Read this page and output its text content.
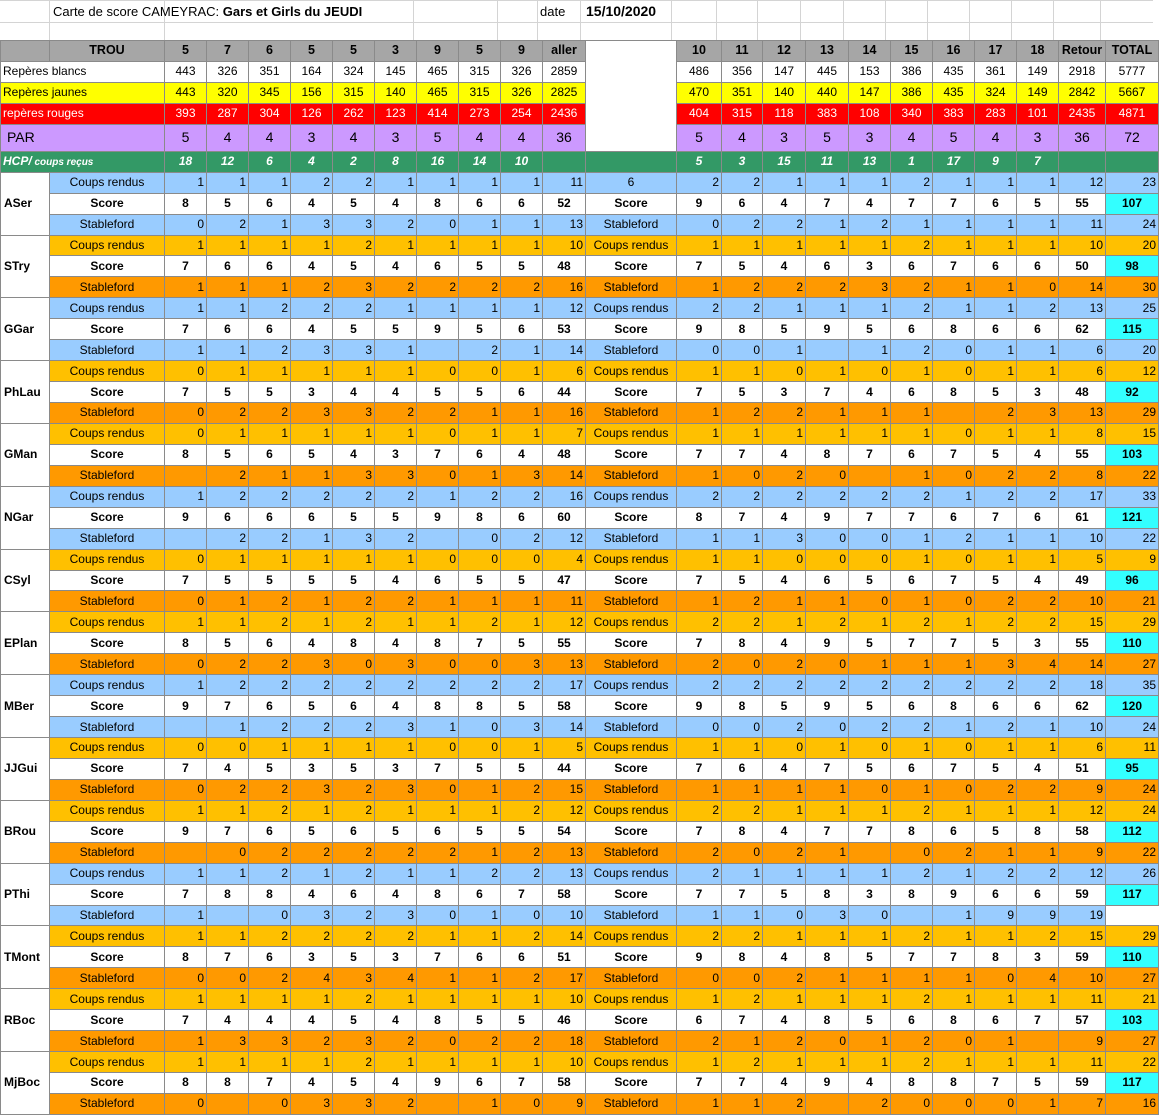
Carte de score CAMEYRAC: Gars et Girls du JEUDI	date 15/10/2020
	TROU	5	7	6	5	5	3	9	5	9	aller		10	11	12	13	14	15	16	17	18	Retour	TOTAL
Repères blancs		443	326	351	164	324	145	465	315	326	2859		486	356	147	445	153	386	435	361	149	2918	5777
Repères jaunes		443	320	345	156	315	140	465	315	326	2825		470	351	140	440	147	386	435	324	149	2842	5667
repères rouges		393	287	304	126	262	123	414	273	254	2436		404	315	118	383	108	340	383	283	101	2435	4871
PAR		5	4	4	3	4	3	5	4	4	36		5	4	3	5	3	4	5	4	3	36	72
HCP/ coups reçus		18	12	6	4	2	8	16	14	10			5	3	15	11	13	1	17	9	7		
ASer	Coups rendus	1	1	1	2	2	1	1	1	1	11	6	2	2	1	1	1	2	1	1	1	12	23
	Score	8	5	6	4	5	4	8	6	6	52	Score	9	6	4	7	4	7	7	6	5	55	107
	Stableford	0	2	1	3	3	2	0	1	1	13	Stableford	0	2	2	1	2	1	1	1	1	11	24
STry	Coups rendus	1	1	1	1	2	1	1	1	1	10	Coups rendus	1	1	1	1	1	2	1	1	1	10	20
	Score	7	6	6	4	5	4	6	5	5	48	Score	7	5	4	6	3	6	7	6	6	50	98
	Stableford	1	1	1	2	3	2	2	2	2	16	Stableford	1	2	2	2	3	2	1	1	0	14	30
GGar	Coups rendus	1	1	2	2	2	1	1	1	1	12	Coups rendus	2	2	1	1	1	2	1	1	2	13	25
	Score	7	6	6	4	5	5	9	5	6	53	Score	9	8	5	9	5	6	8	6	6	62	115
	Stableford	1	1	2	3	3	1		2	1	14	Stableford	0	0	1		1	2	0	1	1	6	20
PhLau	Coups rendus	0	1	1	1	1	1	0	0	1	6	Coups rendus	1	1	0	1	0	1	0	1	1	6	12
	Score	7	5	5	3	4	4	5	5	6	44	Score	7	5	3	7	4	6	8	5	3	48	92
	Stableford	0	2	2	3	3	2	2	1	1	16	Stableford	1	2	2	1	1	1		2	3	13	29
GMan	Coups rendus	0	1	1	1	1	1	0	1	1	7	Coups rendus	1	1	1	1	1	1	0	1	1	8	15
	Score	8	5	6	5	4	3	7	6	4	48	Score	7	7	4	8	7	6	7	5	4	55	103
	Stableford		2	1	1	3	3	0	1	3	14	Stableford	1	0	2	0		1	0	2	2	8	22
NGar	Coups rendus	1	2	2	2	2	2	1	2	2	16	Coups rendus	2	2	2	2	2	2	1	2	2	17	33
	Score	9	6	6	6	5	5	9	8	6	60	Score	8	7	4	9	7	7	6	7	6	61	121
	Stableford		2	2	1	3	2		0	2	12	Stableford	1	1	3	0	0	1	2	1	1	10	22
CSyl	Coups rendus	0	1	1	1	1	1	0	0	0	4	Coups rendus	1	1	0	0	0	1	0	1	1	5	9
	Score	7	5	5	5	5	4	6	5	5	47	Score	7	5	4	6	5	6	7	5	4	49	96
	Stableford	0	1	2	1	2	2	1	1	1	11	Stableford	1	2	1	1	0	1	0	2	2	10	21
EPlan	Coups rendus	1	1	2	1	2	1	1	2	1	12	Coups rendus	2	2	1	2	1	2	1	2	2	15	29
	Score	8	5	6	4	8	4	8	7	5	55	Score	7	8	4	9	5	7	7	5	3	55	110
	Stableford	0	2	2	3	0	3	0	0	3	13	Stableford	2	0	2	0	1	1	1	3	4	14	27
MBer	Coups rendus	1	2	2	2	2	2	2	2	2	17	Coups rendus	2	2	2	2	2	2	2	2	2	18	35
	Score	9	7	6	5	6	4	8	8	5	58	Score	9	8	5	9	5	6	8	6	6	62	120
	Stableford		1	2	2	2	3	1	0	3	14	Stableford	0	0	2	0	2	2	1	2	1	10	24
JJGui	Coups rendus	0	0	1	1	1	1	0	0	1	5	Coups rendus	1	1	0	1	0	1	0	1	1	6	11
	Score	7	4	5	3	5	3	7	5	5	44	Score	7	6	4	7	5	6	7	5	4	51	95
	Stableford	0	2	2	3	2	3	0	1	2	15	Stableford	1	1	1	1	0	1	0	2	2	9	24
BRou	Coups rendus	1	1	2	1	2	1	1	1	2	12	Coups rendus	2	2	1	1	1	2	1	1	1	12	24
	Score	9	7	6	5	6	5	6	5	5	54	Score	7	8	4	7	7	8	6	5	8	58	112
	Stableford		0	2	2	2	2	2	1	2	13	Stableford	2	0	2	1		0	2	1	1	9	22
PThi	Coups rendus	1	1	2	1	2	1	1	2	2	13	Coups rendus	2	1	1	1	1	2	1	2	2	12	26
	Score	7	8	8	4	6	4	8	6	7	58	Score	7	7	5	8	3	8	9	6	6	59	117
	Stableford	1		0	3	2	3	0	1	0	10	Stableford	1	1	0	3	0		1	9	9	19	
TMont	Coups rendus	1	1	2	2	2	2	1	1	2	14	Coups rendus	2	2	1	1	1	2	1	1	2	15	29
	Score	8	7	6	3	5	3	7	6	6	51	Score	9	8	4	8	5	7	7	8	3	59	110
	Stableford	0	0	2	4	3	4	1	1	2	17	Stableford	0	0	2	1	1	1	1	0	4	10	27
RBoc	Coups rendus	1	1	1	1	2	1	1	1	1	10	Coups rendus	1	2	1	1	1	2	1	1	1	11	21
	Score	7	4	4	4	5	4	8	5	5	46	Score	6	7	4	8	5	6	8	6	7	57	103
	Stableford	1	3	3	2	3	2	0	2	2	18	Stableford	2	1	2	0	1	2	0	1		9	27
MjBoc	Coups rendus	1	1	1	1	2	1	1	1	1	10	Coups rendus	1	2	1	1	1	2	1	1	1	11	22
	Score	8	8	7	4	5	4	9	6	7	58	Score	7	7	4	9	4	8	8	7	5	59	117
	Stableford	0		0	3	3	2		1	0	9	Stableford	1	1	2		2	0	0	0	1	7	16
